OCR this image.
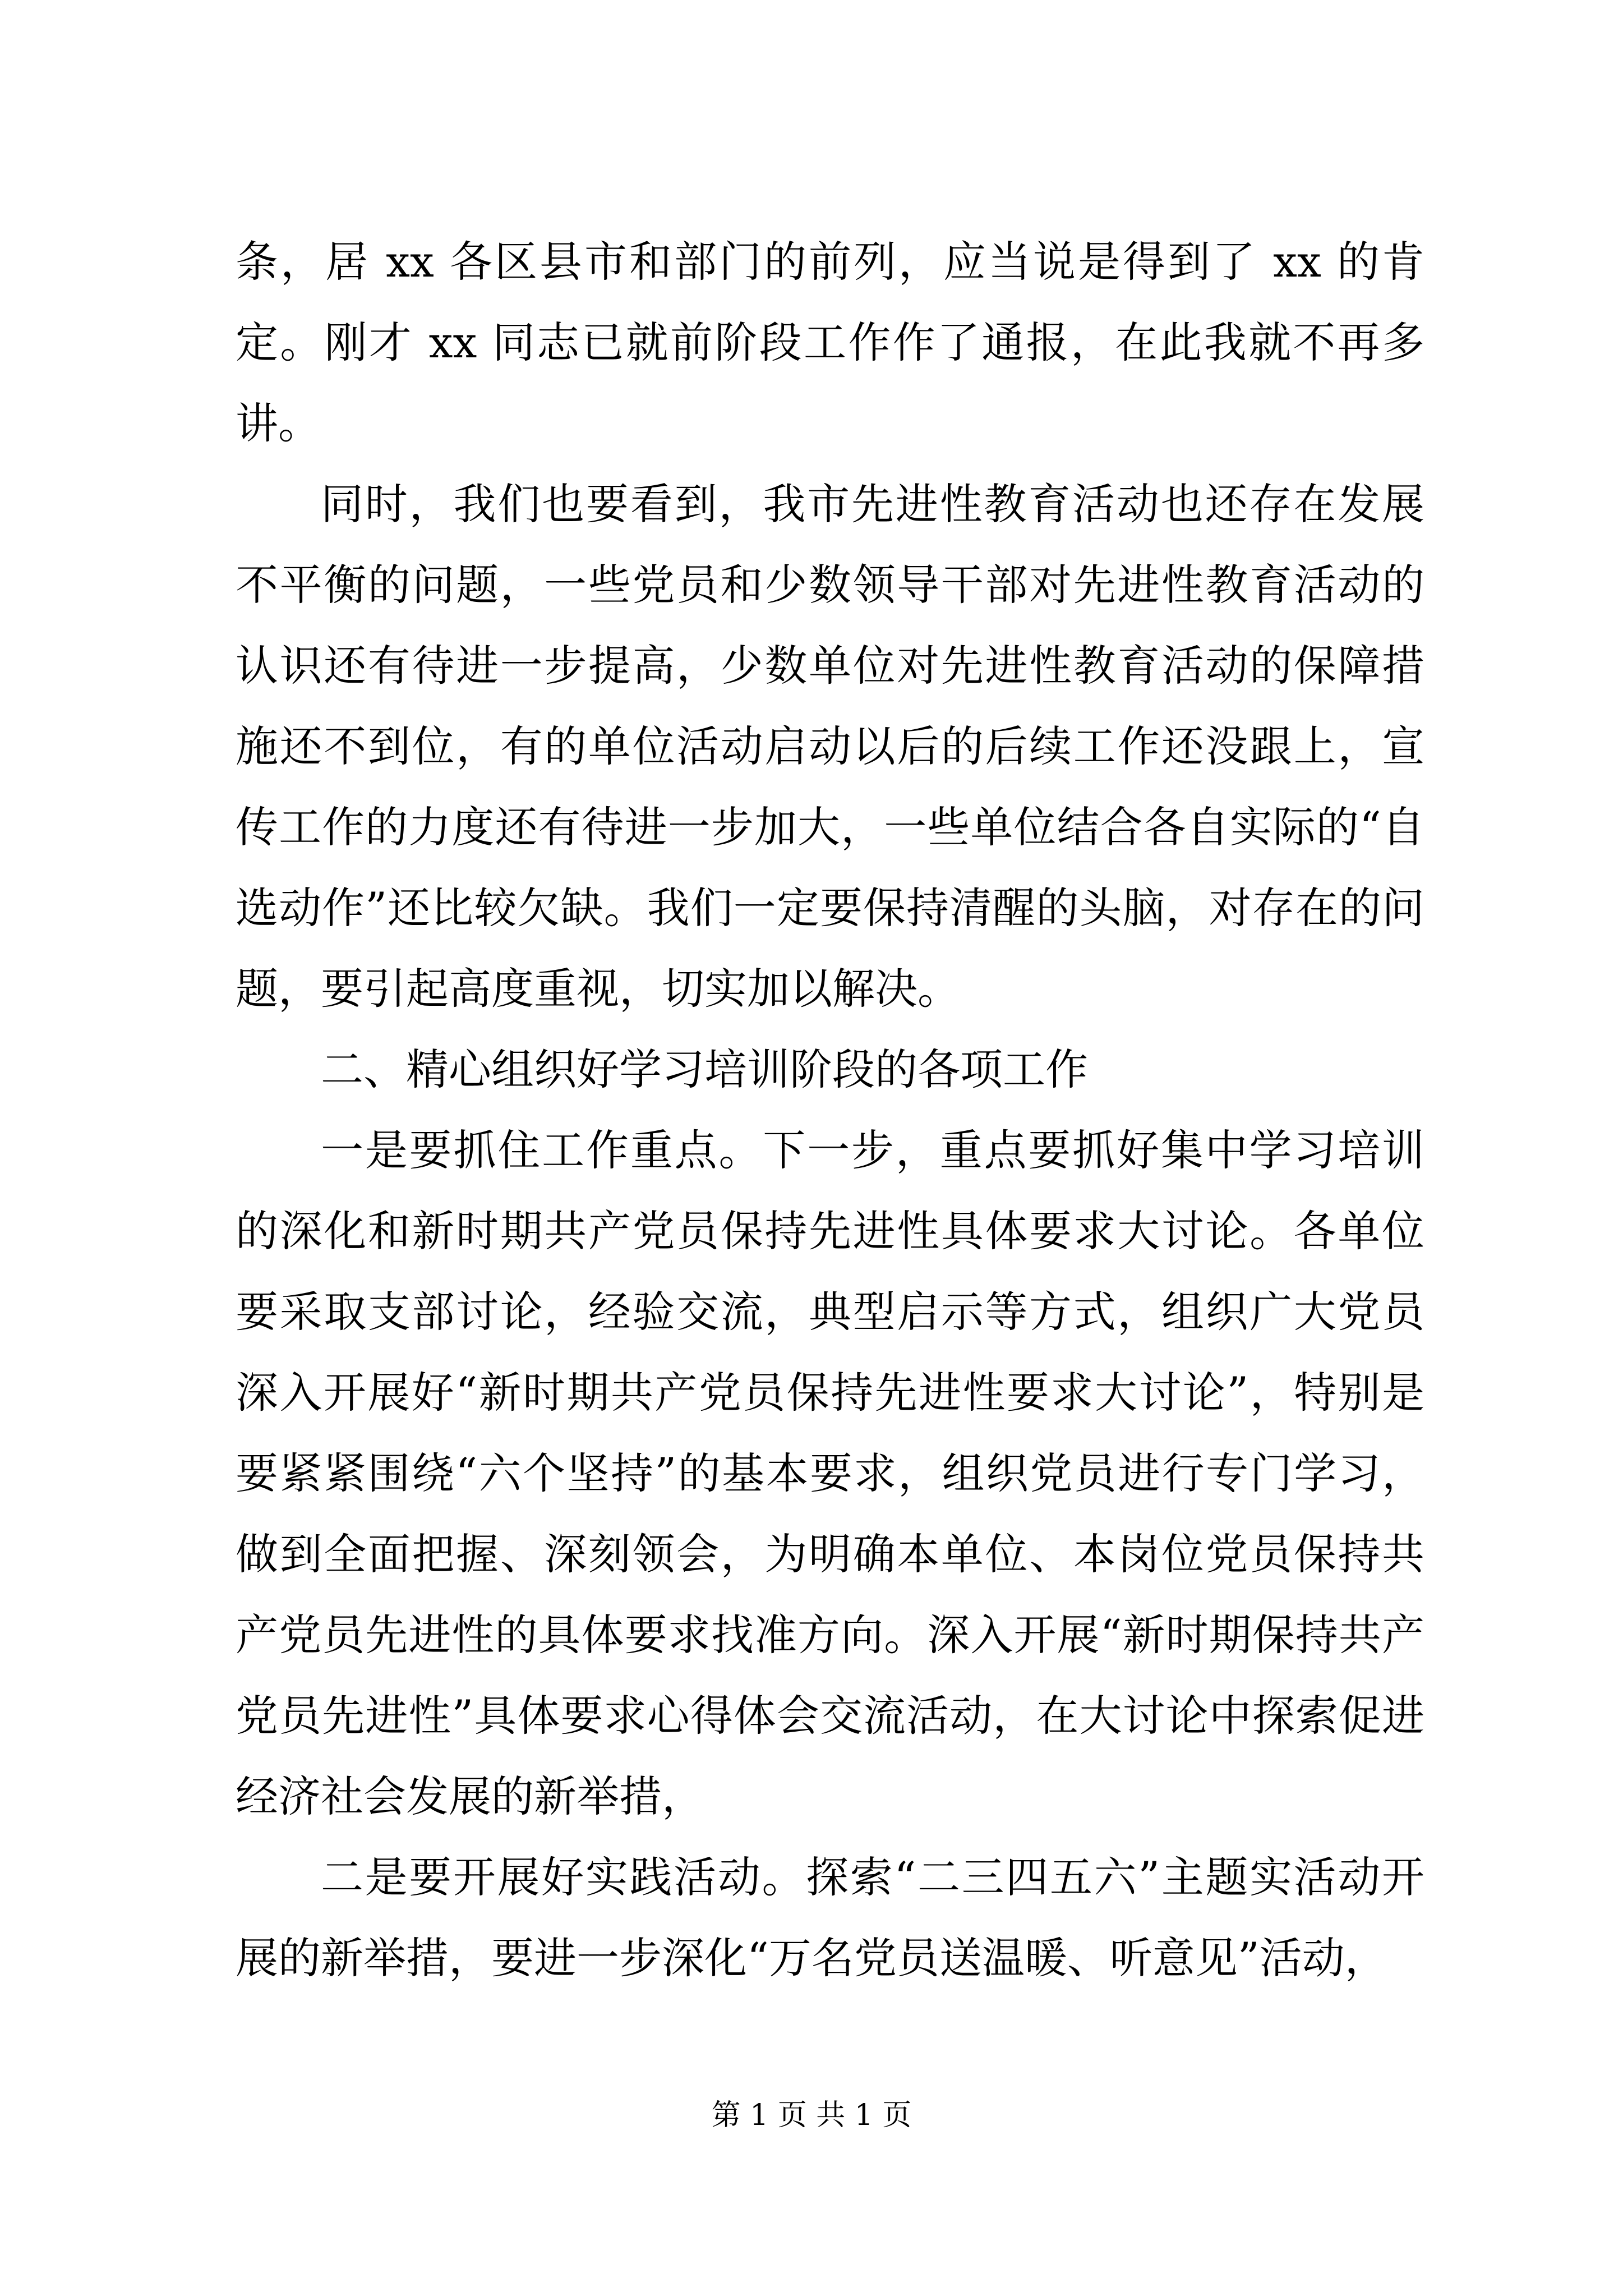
条，居 xx 各区县市和部门的前列，应当说是得到了 xx 的肯定。刚才 xx 同志已就前阶段工作作了通报，在此我就不再多讲。

同时，我们也要看到，我市先进性教育活动也还存在发展不平衡的问题，一些党员和少数领导干部对先进性教育活动的认识还有待进一步提高，少数单位对先进性教育活动的保障措施还不到位，有的单位活动启动以后的后续工作还没跟上，宣传工作的力度还有待进一步加大，一些单位结合各自实际的“自选动作”还比较欠缺。我们一定要保持清醒的头脑，对存在的问题，要引起高度重视，切实加以解决。

二、精心组织好学习培训阶段的各项工作

一是要抓住工作重点。下一步，重点要抓好集中学习培训的深化和新时期共产党员保持先进性具体要求大讨论。各单位要采取支部讨论，经验交流，典型启示等方式，组织广大党员深入开展好“新时期共产党员保持先进性要求大讨论”，特别是要紧紧围绕“六个坚持”的基本要求，组织党员进行专门学习，做到全面把握、深刻领会，为明确本单位、本岗位党员保持共产党员先进性的具体要求找准方向。深入开展“新时期保持共产党员先进性”具体要求心得体会交流活动，在大讨论中探索促进经济社会发展的新举措，

二是要开展好实践活动。探索“二三四五六”主题实活动开展的新举措，要进一步深化“万名党员送温暖、听意见”活动，

第 1 页 共 1 页
